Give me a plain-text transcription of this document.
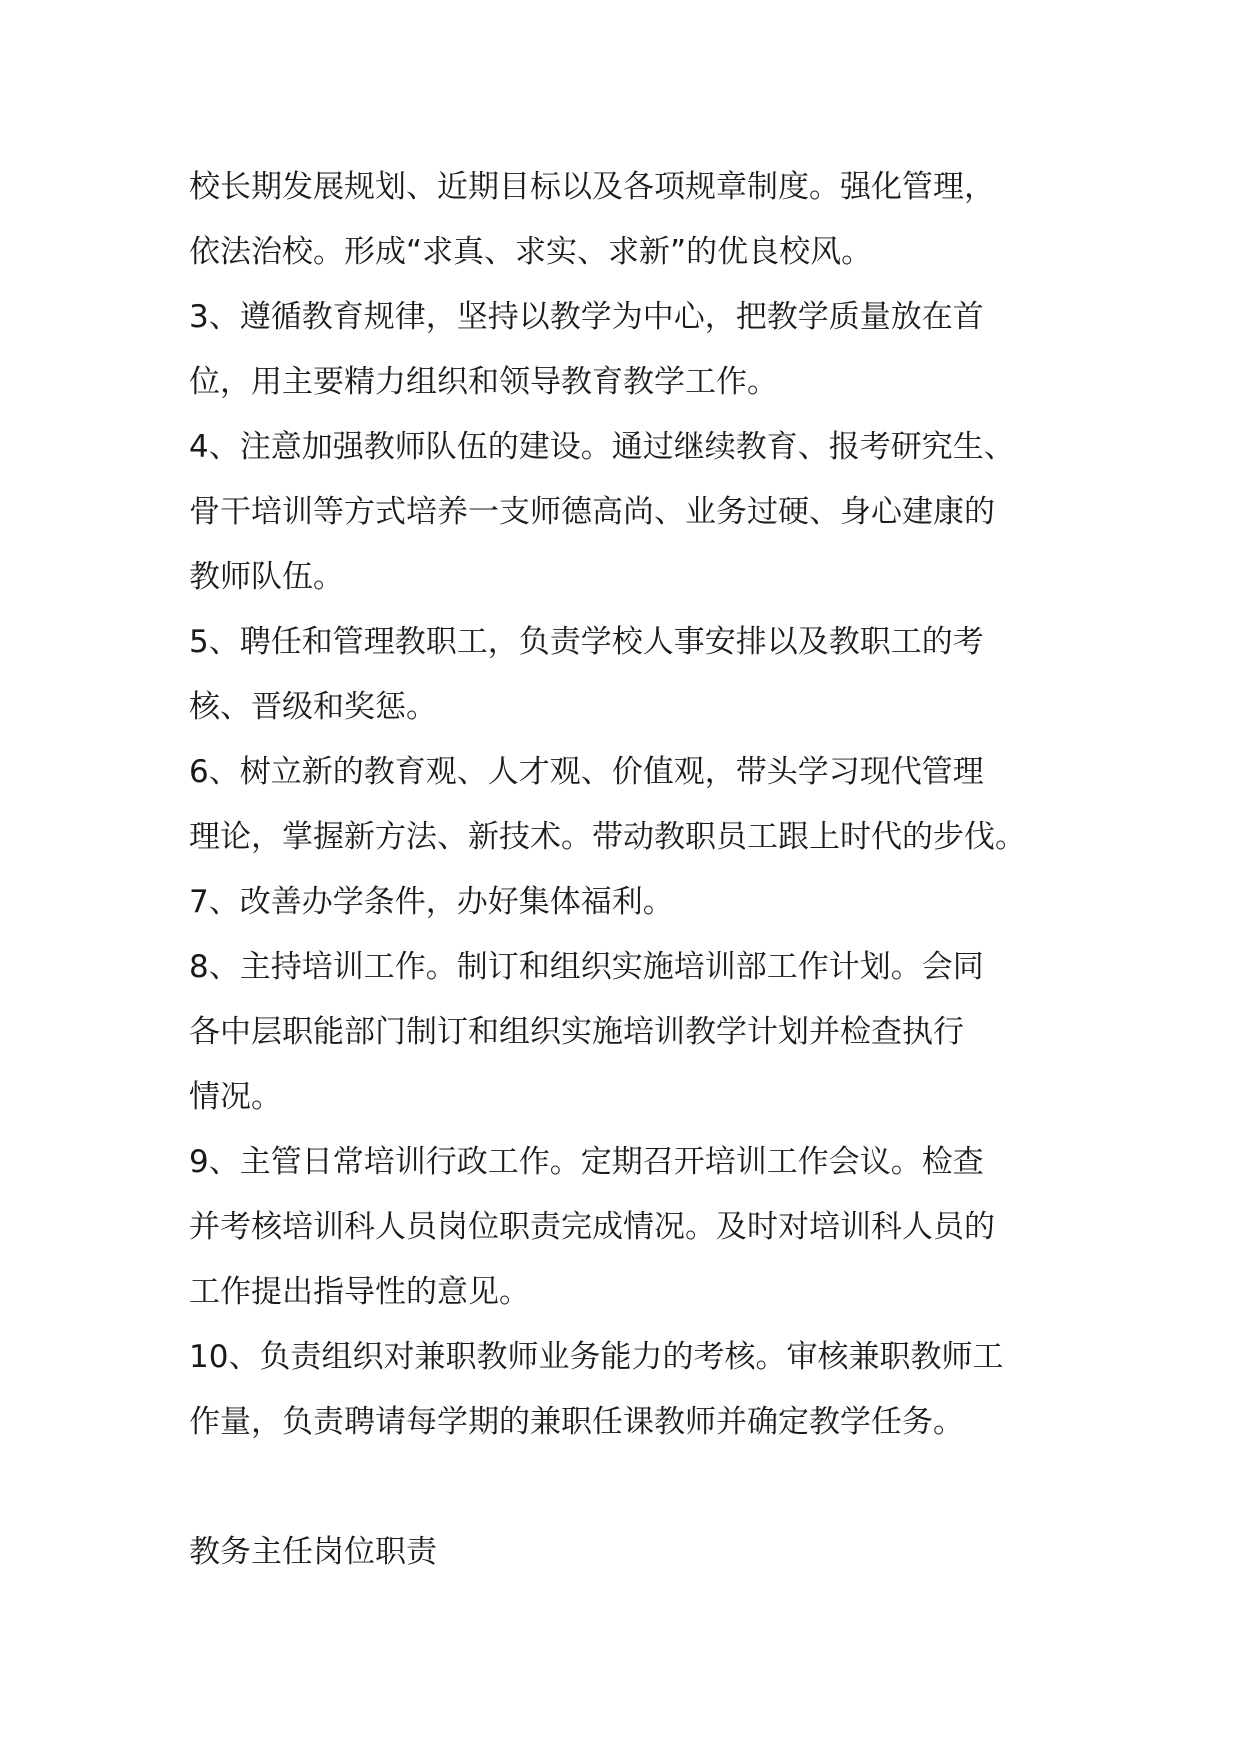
校长期发展规划、近期目标以及各项规章制度。强化管理，
依法治校。形成“求真、求实、求新”的优良校风。
3、遵循教育规律，坚持以教学为中心，把教学质量放在首
位，用主要精力组织和领导教育教学工作。
4、注意加强教师队伍的建设。通过继续教育、报考研究生、
骨干培训等方式培养一支师德高尚、业务过硬、身心建康的
教师队伍。
5、聘任和管理教职工，负责学校人事安排以及教职工的考
核、晋级和奖惩。
6、树立新的教育观、人才观、价值观，带头学习现代管理
理论，掌握新方法、新技术。带动教职员工跟上时代的步伐。
7、改善办学条件，办好集体福利。
8、主持培训工作。制订和组织实施培训部工作计划。会同
各中层职能部门制订和组织实施培训教学计划并检查执行
情况。
9、主管日常培训行政工作。定期召开培训工作会议。检查
并考核培训科人员岗位职责完成情况。及时对培训科人员的
工作提出指导性的意见。
10、负责组织对兼职教师业务能力的考核。审核兼职教师工
作量，负责聘请每学期的兼职任课教师并确定教学任务。
教务主任岗位职责
